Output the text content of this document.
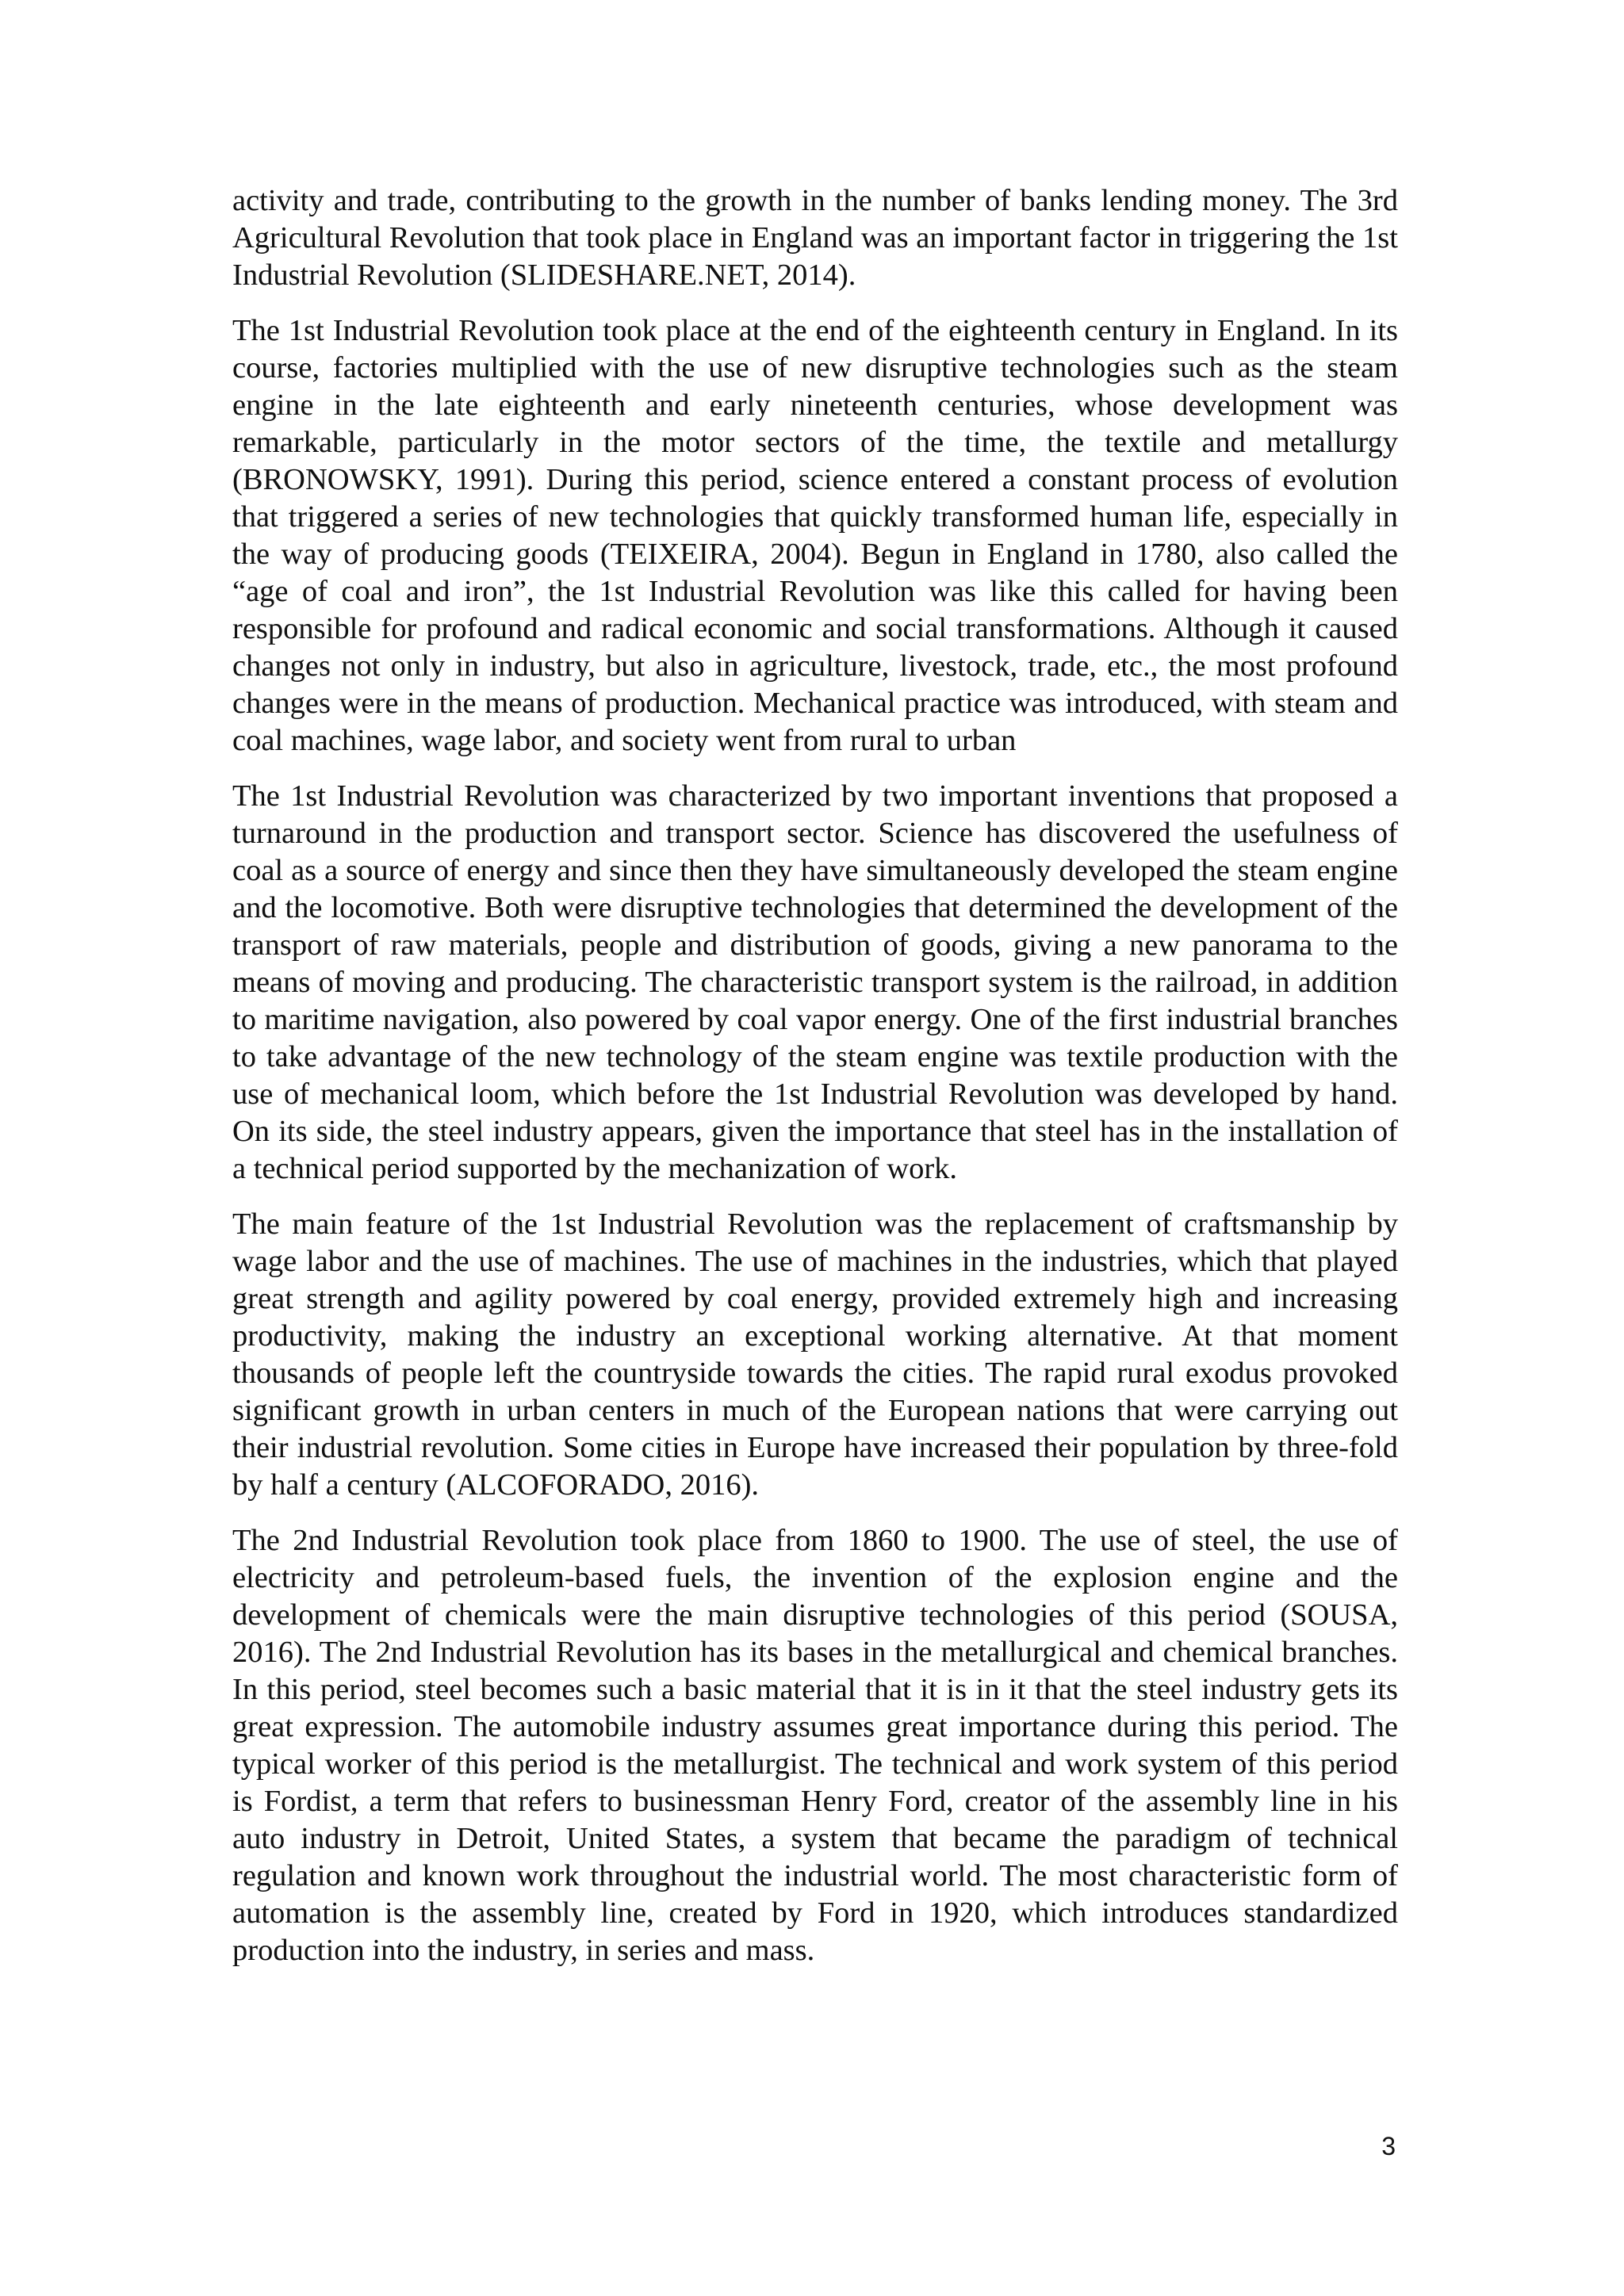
activity and trade, contributing to the growth in the number of banks lending money. The 3rd Agricultural Revolution that took place in England was an important factor in triggering the 1st Industrial Revolution (SLIDESHARE.NET, 2014).

The 1st Industrial Revolution took place at the end of the eighteenth century in England. In its course, factories multiplied with the use of new disruptive technologies such as the steam engine in the late eighteenth and early nineteenth centuries, whose development was remarkable, particularly in the motor sectors of the time, the textile and metallurgy (BRONOWSKY, 1991). During this period, science entered a constant process of evolution that triggered a series of new technologies that quickly transformed human life, especially in the way of producing goods (TEIXEIRA, 2004). Begun in England in 1780, also called the “age of coal and iron”, the 1st Industrial Revolution was like this called for having been responsible for profound and radical economic and social transformations. Although it caused changes not only in industry, but also in agriculture, livestock, trade, etc., the most profound changes were in the means of production. Mechanical practice was introduced, with steam and coal machines, wage labor, and society went from rural to urban

The 1st Industrial Revolution was characterized by two important inventions that proposed a turnaround in the production and transport sector. Science has discovered the usefulness of coal as a source of energy and since then they have simultaneously developed the steam engine and the locomotive. Both were disruptive technologies that determined the development of the transport of raw materials, people and distribution of goods, giving a new panorama to the means of moving and producing. The characteristic transport system is the railroad, in addition to maritime navigation, also powered by coal vapor energy. One of the first industrial branches to take advantage of the new technology of the steam engine was textile production with the use of mechanical loom, which before the 1st Industrial Revolution was developed by hand. On its side, the steel industry appears, given the importance that steel has in the installation of a technical period supported by the mechanization of work.

The main feature of the 1st Industrial Revolution was the replacement of craftsmanship by wage labor and the use of machines. The use of machines in the industries, which that played great strength and agility powered by coal energy, provided extremely high and increasing productivity, making the industry an exceptional working alternative. At that moment thousands of people left the countryside towards the cities. The rapid rural exodus provoked significant growth in urban centers in much of the European nations that were carrying out their industrial revolution. Some cities in Europe have increased their population by three-fold by half a century (ALCOFORADO, 2016).

The 2nd Industrial Revolution took place from 1860 to 1900. The use of steel, the use of electricity and petroleum-based fuels, the invention of the explosion engine and the development of chemicals were the main disruptive technologies of this period (SOUSA, 2016). The 2nd Industrial Revolution has its bases in the metallurgical and chemical branches. In this period, steel becomes such a basic material that it is in it that the steel industry gets its great expression. The automobile industry assumes great importance during this period. The typical worker of this period is the metallurgist. The technical and work system of this period is Fordist, a term that refers to businessman Henry Ford, creator of the assembly line in his auto industry in Detroit, United States, a system that became the paradigm of technical regulation and known work throughout the industrial world. The most characteristic form of automation is the assembly line, created by Ford in 1920, which introduces standardized production into the industry, in series and mass.

3
